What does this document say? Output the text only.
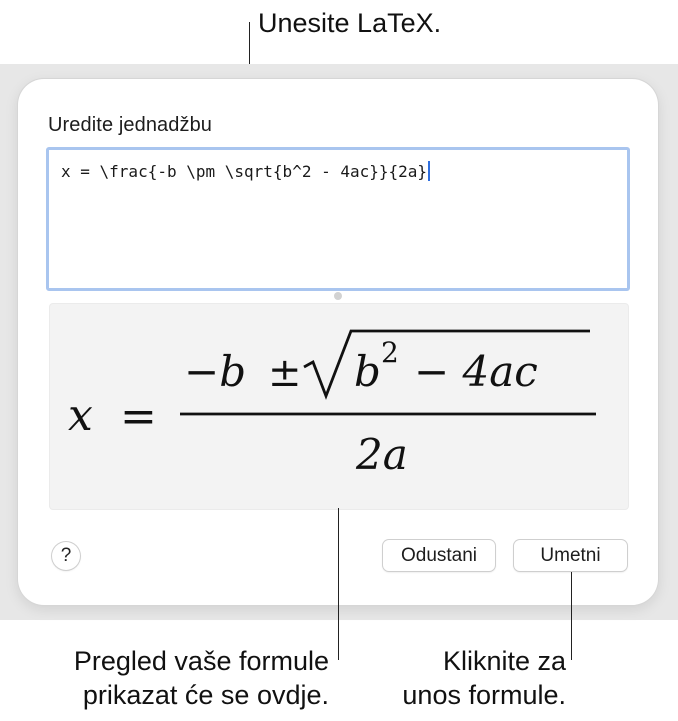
Unesite LaTeX.
Uredite jednadžbu
x = \frac{-b \pm \sqrt{b^2 - 4ac}}{2a}
x =
−b ± b 2 − 4ac
2a
?	Odustani	Umetni
Pregled vaše formule
prikazat će se ovdje.
Kliknite za
unos formule.
